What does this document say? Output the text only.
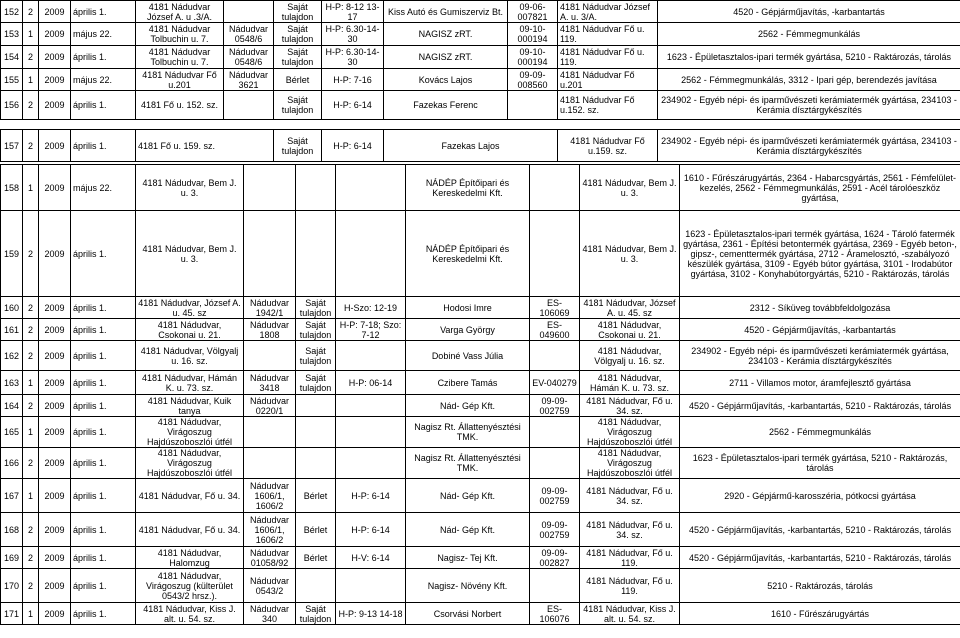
152	2	2009	április 1.	4181 Nádudvar József A. u .3/A.		Saját tulajdon	H-P: 8-12 13-17	Kiss Autó és Gumiszerviz Bt.	09-06-007821	4181 Nádudvar József A. u. 3/A.	4520 - Gépjárműjavítás, -karbantartás
153	1	2009	május 22.	4181 Nádudvar Tolbuchin u. 7.	Nádudvar 0548/6	Saját tulajdon	H-P: 6.30-14-30	NAGISZ zRT.	09-10-000194	4181 Nádudvar Fő u. 119.	2562 - Fémmegmunkálás
154	2	2009	április 1.	4181 Nádudvar Tolbuchin u. 7.	Nádudvar 0548/6	Saját tulajdon	H-P: 6.30-14-30	NAGISZ zRT.	09-10-000194	4181 Nádudvar Fő u. 119.	1623 - Épületasztalos-ipari termék gyártása, 5210 - Raktározás, tárolás
155	1	2009	május 22.	4181 Nádudvar Fő u.201	Nádudvar 3621	Bérlet	H-P: 7-16	Kovács Lajos	09-09-008560	4181 Nádudvar Fő u.201	2562 - Fémmegmunkálás, 3312 - Ipari gép, berendezés javítása
156	2	2009	április 1.	4181 Fő u. 152. sz.		Saját tulajdon	H-P: 6-14	Fazekas Ferenc		4181 Nádudvar Fő u.152. sz.	234902 - Egyéb népi- és iparművészeti kerámiatermék gyártása, 234103 - Kerámia dísztárgykészítés
157	2	2009	április 1.	4181 Fő u. 159. sz.	Saját tulajdon	H-P: 6-14	Fazekas Lajos	4181 Nádudvar Fő u.159. sz.	234902 - Egyéb népi- és iparművészeti kerámiatermék gyártása, 234103 - Kerámia dísztárgykészítés
158	1	2009	május 22.	4181 Nádudvar, Bem J. u. 3.				NÁDÉP Építőipari és Kereskedelmi Kft.		4181 Nádudvar, Bem J. u. 3.	1610 - Fűrészárugyártás, 2364 - Habarcsgyártás, 2561 - Fémfelület-kezelés, 2562 - Fémmegmunkálás, 2591 - Acél tárolóeszköz gyártása,
159	2	2009	április 1.	4181 Nádudvar, Bem J. u. 3.				NÁDÉP Építőipari és Kereskedelmi Kft.		4181 Nádudvar, Bem J. u. 3.	1623 - Épületasztalos-ipari termék gyártása, 1624 - Tároló fatermék gyártása, 2361 - Építési betontermék gyártása, 2369 - Egyéb beton-, gipsz-, cementtermék gyártása, 2712 - Áramelosztó, -szabályozó készülék gyártása, 3109 - Egyéb bútor gyártása, 3101 - Irodabútor gyártása, 3102 - Konyhabútorgyártás, 5210 - Raktározás, tárolás
160	2	2009	április 1.	4181 Nádudvar, József A. u. 45. sz	Nádudvar 1942/1	Saját tulajdon	H-Szo: 12-19	Hodosi Imre	ES-106069	4181 Nádudvar, József A. u. 45. sz	2312 - Síküveg továbbfeldolgozása
161	2	2009	április 1.	4181 Nádudvar, Csokonai u. 21.	Nádudvar 1808	Saját tulajdon	H-P: 7-18; Szo: 7-12	Varga György	ES-049600	4181 Nádudvar, Csokonai u. 21.	4520 - Gépjárműjavítás, -karbantartás
162	2	2009	április 1.	4181 Nádudvar, Völgyalj u. 16. sz.		Saját tulajdon		Dobiné Vass Júlia		4181 Nádudvar, Völgyalj u. 16. sz.	234902 - Egyéb népi- és iparművészeti kerámiatermék gyártása, 234103 - Kerámia dísztárgykészítés
163	1	2009	április 1.	4181 Nádudvar, Hámán K. u. 73. sz.	Nádudvar 3418	Saját tulajdon	H-P: 06-14	Czibere Tamás	EV-040279	4181 Nádudvar, Hámán K. u. 73. sz.	2711 - Villamos motor, áramfejlesztő gyártása
164	2	2009	április 1.	4181 Nádudvar, Kuik tanya	Nádudvar 0220/1			Nád- Gép Kft.	09-09-002759	4181 Nádudvar, Fő u. 34. sz.	4520 - Gépjárműjavítás, -karbantartás, 5210 - Raktározás, tárolás
165	1	2009	április 1.	4181 Nádudvar, Virágoszug Hajdúszoboszlói útfél				Nagisz Rt. Állattenyésztési TMK.		4181 Nádudvar, Virágoszug Hajdúszoboszlói útfél	2562 - Fémmegmunkálás
166	2	2009	április 1.	4181 Nádudvar, Virágoszug Hajdúszoboszlói útfél				Nagisz Rt. Állattenyésztési TMK.		4181 Nádudvar, Virágoszug Hajdúszoboszlói útfél	1623 - Épületasztalos-ipari termék gyártása, 5210 - Raktározás, tárolás
167	1	2009	április 1.	4181 Nádudvar, Fő u. 34.	Nádudvar 1606/1, 1606/2	Bérlet	H-P: 6-14	Nád- Gép Kft.	09-09-002759	4181 Nádudvar, Fő u. 34. sz.	2920 - Gépjármű-karosszéria, pótkocsi gyártása
168	2	2009	április 1.	4181 Nádudvar, Fő u. 34.	Nádudvar 1606/1, 1606/2	Bérlet	H-P: 6-14	Nád- Gép Kft.	09-09-002759	4181 Nádudvar, Fő u. 34. sz.	4520 - Gépjárműjavítás, -karbantartás, 5210 - Raktározás, tárolás
169	2	2009	április 1.	4181 Nádudvar, Halomzug	Nádudvar 01058/92	Bérlet	H-V: 6-14	Nagisz- Tej Kft.	09-09-002827	4181 Nádudvar, Fő u. 119.	4520 - Gépjárműjavítás, -karbantartás, 5210 - Raktározás, tárolás
170	2	2009	április 1.	4181 Nádudvar, Virágoszug (külterület 0543/2 hrsz.).	Nádudvar 0543/2			Nagisz- Növény Kft.		4181 Nádudvar, Fő u. 119.	5210 - Raktározás, tárolás
171	1	2009	április 1.	4181 Nádudvar, Kiss J. alt. u. 54. sz.	Nádudvar 340	Saját tulajdon	H-P: 9-13 14-18	Csorvási Norbert	ES-106076	4181 Nádudvar, Kiss J. alt. u. 54. sz.	1610 - Fűrészárugyártás
